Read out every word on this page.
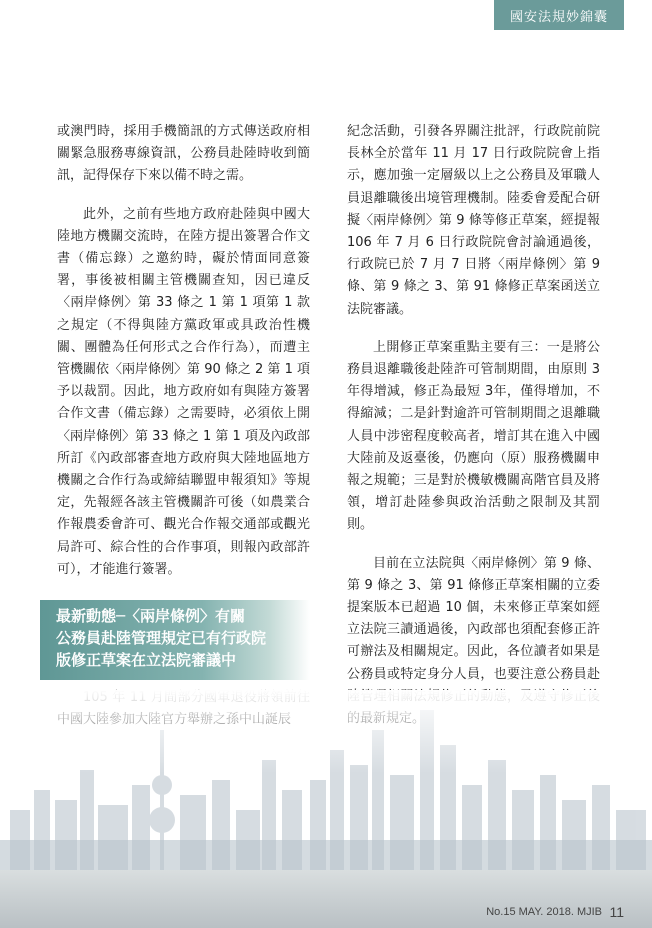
國安法規妙錦囊

或澳門時，採用手機簡訊的方式傳送政府相關緊急服務專線資訊，公務員赴陸時收到簡訊，記得保存下來以備不時之需。

此外，之前有些地方政府赴陸與中國大陸地方機關交流時，在陸方提出簽署合作文書（備忘錄）之邀約時，礙於情面同意簽署，事後被相關主管機關查知，因已違反〈兩岸條例〉第 33 條之 1 第 1 項第 1 款之規定（不得與陸方黨政軍或具政治性機關、團體為任何形式之合作行為），而遭主管機關依〈兩岸條例〉第 90 條之 2 第 1 項予以裁罰。因此，地方政府如有與陸方簽署合作文書（備忘錄）之需要時，必須依上開〈兩岸條例〉第 33 條之 1 第 1 項及內政部所訂《內政部審查地方政府與大陸地區地方機關之合作行為或締結聯盟申報須知》等規定，先報經各該主管機關許可後（如農業合作報農委會許可、觀光合作報交通部或觀光局許可、綜合性的合作事項，則報內政部許可），才能進行簽署。

最新動態─〈兩岸條例〉有關
公務員赴陸管理規定已有行政院
版修正草案在立法院審議中

紀念活動，引發各界關注批評，行政院前院長林全於當年 11 月 17 日行政院院會上指示，應加強一定層級以上之公務員及軍職人員退離職後出境管理機制。陸委會爰配合研擬〈兩岸條例〉第 9 條等修正草案，經提報 106 年 7 月 6 日行政院院會討論通過後，行政院已於 7 月 7 日將〈兩岸條例〉第 9 條、第 9 條之 3、第 91 條修正草案函送立法院審議。

上開修正草案重點主要有三：一是將公務員退離職後赴陸許可管制期間，由原則 3年得增減，修正為最短 3年，僅得增加，不得縮減；二是針對逾許可管制期間之退離職人員中涉密程度較高者，增訂其在進入中國大陸前及返臺後，仍應向（原）服務機關申報之規範；三是對於機敏機關高階官員及將領，增訂赴陸參與政治活動之限制及其罰則。

目前在立法院與〈兩岸條例〉第 9 條、第 9 條之 3、第 91 條修正草案相關的立委提案版本已超過 10 個，未來修正草案如經立法院三讀通過後，內政部也須配套修正許可辦法及相關規定。因此，各位讀者如果是公務員或特定身分人員，也要注意公務員赴

No.15 MAY. 2018. MJIB 11
